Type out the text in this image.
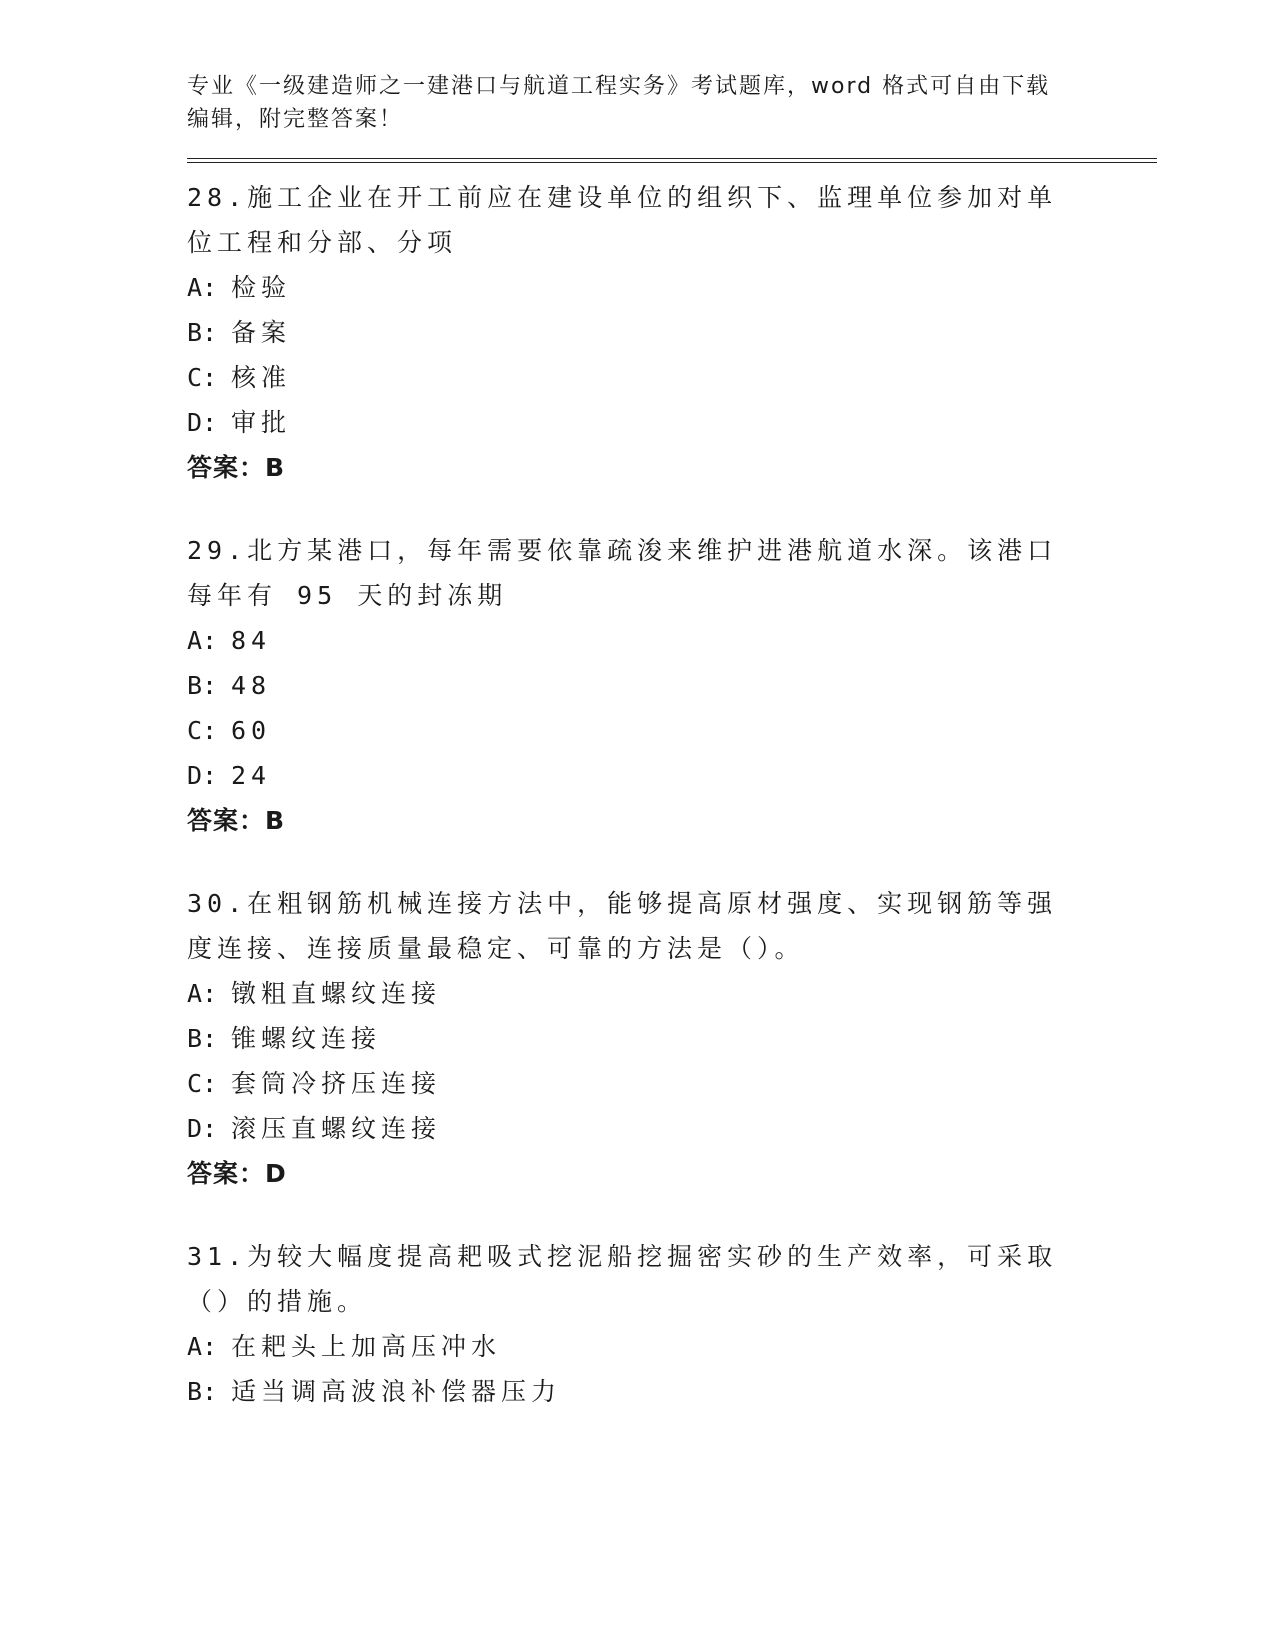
专业《一级建造师之一建港口与航道工程实务》考试题库，word 格式可自由下载
编辑，附完整答案！
28.施工企业在开工前应在建设单位的组织下、监理单位参加对单位工程和分部、分项
A: 检验
B: 备案
C: 核准
D: 审批
答案：B
29.北方某港口，每年需要依靠疏浚来维护进港航道水深。该港口每年有 95 天的封冻期
A: 84
B: 48
C: 60
D: 24
答案：B
30.在粗钢筋机械连接方法中，能够提高原材强度、实现钢筋等强度连接、连接质量最稳定、可靠的方法是（）。
A: 镦粗直螺纹连接
B: 锥螺纹连接
C: 套筒冷挤压连接
D: 滚压直螺纹连接
答案：D
31.为较大幅度提高耙吸式挖泥船挖掘密实砂的生产效率，可采取（）的措施。
A: 在耙头上加高压冲水
B: 适当调高波浪补偿器压力
